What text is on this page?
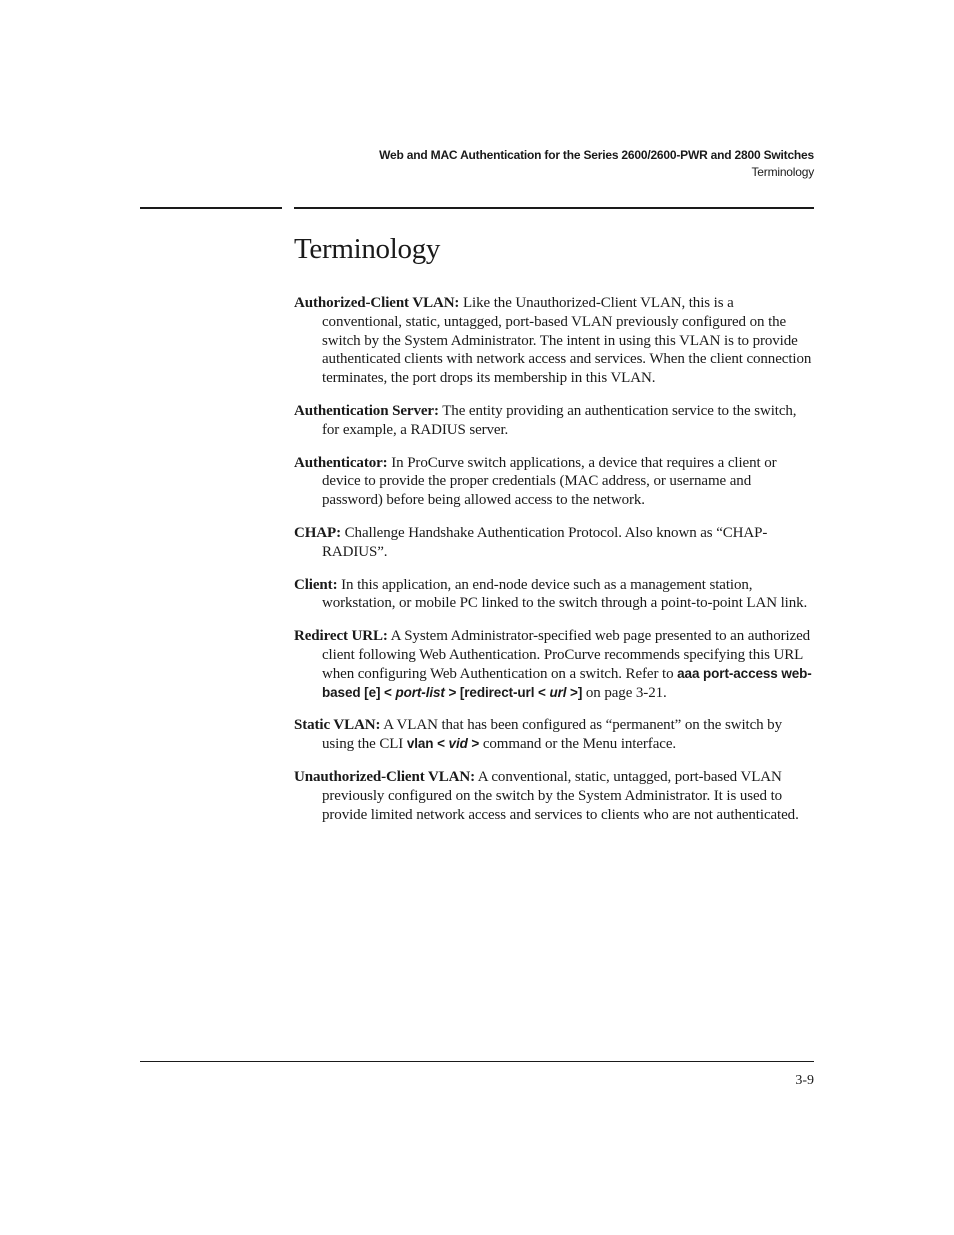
Web and MAC Authentication for the Series 2600/2600-PWR and 2800 Switches
Terminology
Terminology

Authorized-Client VLAN: Like the Unauthorized-Client VLAN, this is a conventional, static, untagged, port-based VLAN previously configured on the switch by the System Administrator. The intent in using this VLAN is to provide authenticated clients with network access and services. When the client connection terminates, the port drops its membership in this VLAN.

Authentication Server: The entity providing an authentication service to the switch, for example, a RADIUS server.

Authenticator: In ProCurve switch applications, a device that requires a client or device to provide the proper credentials (MAC address, or username and password) before being allowed access to the network.

CHAP: Challenge Handshake Authentication Protocol. Also known as “CHAP-RADIUS”.

Client: In this application, an end-node device such as a management station, workstation, or mobile PC linked to the switch through a point-to-point LAN link.

Redirect URL: A System Administrator-specified web page presented to an authorized client following Web Authentication. ProCurve recommends specifying this URL when configuring Web Authentication on a switch. Refer to aaa port-access web-based [e] < port-list > [redirect-url < url >] on page 3-21.

Static VLAN: A VLAN that has been configured as “permanent” on the switch by using the CLI vlan < vid > command or the Menu interface.

Unauthorized-Client VLAN: A conventional, static, untagged, port-based VLAN previously configured on the switch by the System Administrator. It is used to provide limited network access and services to clients who are not authenticated.

3-9
